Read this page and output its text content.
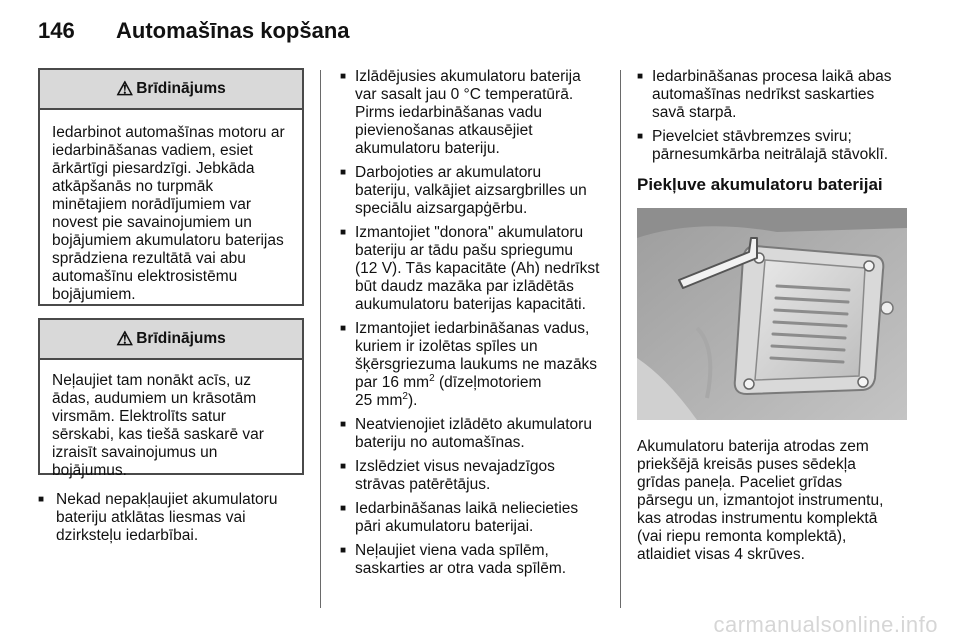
146 Automašīnas kopšana
⚠ Brīdinājums

Iedarbinot automašīnas motoru ar
iedarbināšanas vadiem, esiet
ārkārtīgi piesardzīgi. Jebkāda
atkāpšanās no turpmāk
minētajiem norādījumiem var
novest pie savainojumiem un
bojājumiem akumulatoru baterijas
sprādziena rezultātā vai abu
automašīnu elektrosistēmu
bojājumiem.

⚠ Brīdinājums

Neļaujiet tam nonākt acīs, uz
ādas, audumiem un krāsotām
virsmām. Elektrolīts satur
sērskabi, kas tiešā saskarē var
izraisīt savainojumus un
bojājumus.

■ Nekad nepakļaujiet akumulatoru
bateriju atklātas liesmas vai
dzirksteļu iedarbībai.
■ Izlādējusies akumulatoru baterija
var sasalt jau 0 °C temperatūrā.
Pirms iedarbināšanas vadu
pievienošanas atkausējiet
akumulatoru bateriju.
■ Darbojoties ar akumulatoru
bateriju, valkājiet aizsargbrilles un
speciālu aizsargapģērbu.
■ Izmantojiet "donora" akumulatoru
bateriju ar tādu pašu spriegumu
(12 V). Tās kapacitāte (Ah) nedrīkst
būt daudz mazāka par izlādētās
aukumulatoru baterijas kapacitāti.
■ Izmantojiet iedarbināšanas vadus,
kuriem ir izolētas spīles un
šķērsgriezuma laukums ne mazāks
par 16 $mm^2$ (dīzeļmotoriem
25 $mm^2$).
■ Neatvienojiet izlādēto akumulatoru
bateriju no automašīnas.
■ Izslēdziet visus nevajadzīgos
strāvas patērētājus.
■ Iedarbināšanas laikā neliecieties
pāri akumulatoru baterijai.
■ Neļaujiet viena vada spīlēm,
saskarties ar otra vada spīlēm.
■ Iedarbināšanas procesa laikā abas
automašīnas nedrīkst saskarties
savā starpā.
■ Pievelciet stāvbremzes sviru;
pārnesumkārba neitrālajā stāvoklī.
Piekļuve akumulatoru baterijai

Akumulatoru baterija atrodas zem
priekšējā kreisās puses sēdekļa
grīdas paneļa. Paceliet grīdas
pārsegu un, izmantojot instrumentu,
kas atrodas instrumentu komplektā
(vai riepu remonta komplektā),
atlaidiet visas 4 skrūves.

carmanualsonline.info
